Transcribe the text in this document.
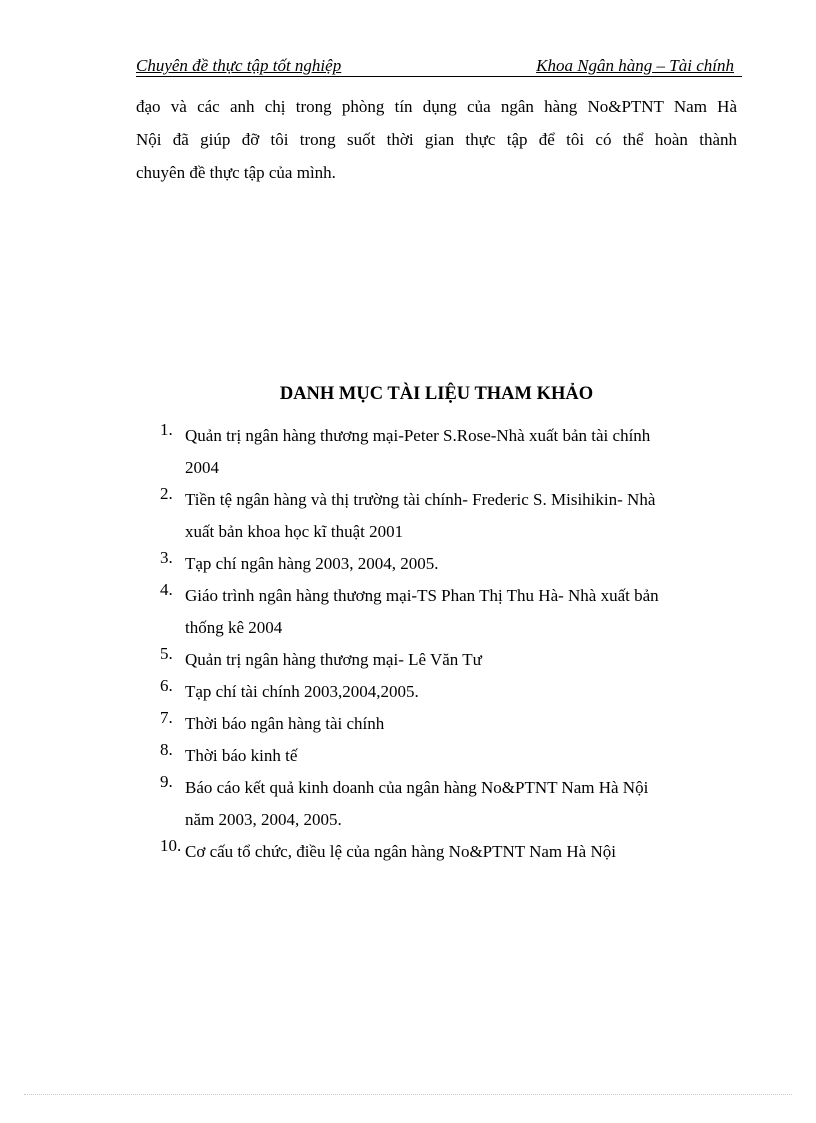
Chuyên đề thực tập tốt nghiệp	Khoa Ngân hàng – Tài chính
đạo và các anh chị trong phòng tín dụng của ngân hàng No&PTNT Nam Hà
Nội đã giúp đỡ tôi trong suốt thời gian thực tập để tôi có thể hoàn thành
chuyên đề thực tập của mình.
DANH MỤC TÀI LIỆU THAM KHẢO
1. Quản trị ngân hàng thương mại-Peter S.Rose-Nhà xuất bản tài chính
2004
2. Tiền tệ ngân hàng và thị trường tài chính- Frederic S. Misihikin- Nhà
xuất bản khoa học kĩ thuật 2001
3. Tạp chí ngân hàng 2003, 2004, 2005.
4. Giáo trình ngân hàng thương mại-TS Phan Thị Thu Hà- Nhà xuất bản
thống kê 2004
5. Quản trị ngân hàng thương mại- Lê Văn Tư
6. Tạp chí tài chính 2003,2004,2005.
7. Thời báo ngân hàng tài chính
8. Thời báo kinh tế
9. Báo cáo kết quả kinh doanh của ngân hàng No&PTNT Nam Hà Nội
năm 2003, 2004, 2005.
10. Cơ cấu tổ chức, điều lệ của ngân hàng No&PTNT Nam Hà Nội
